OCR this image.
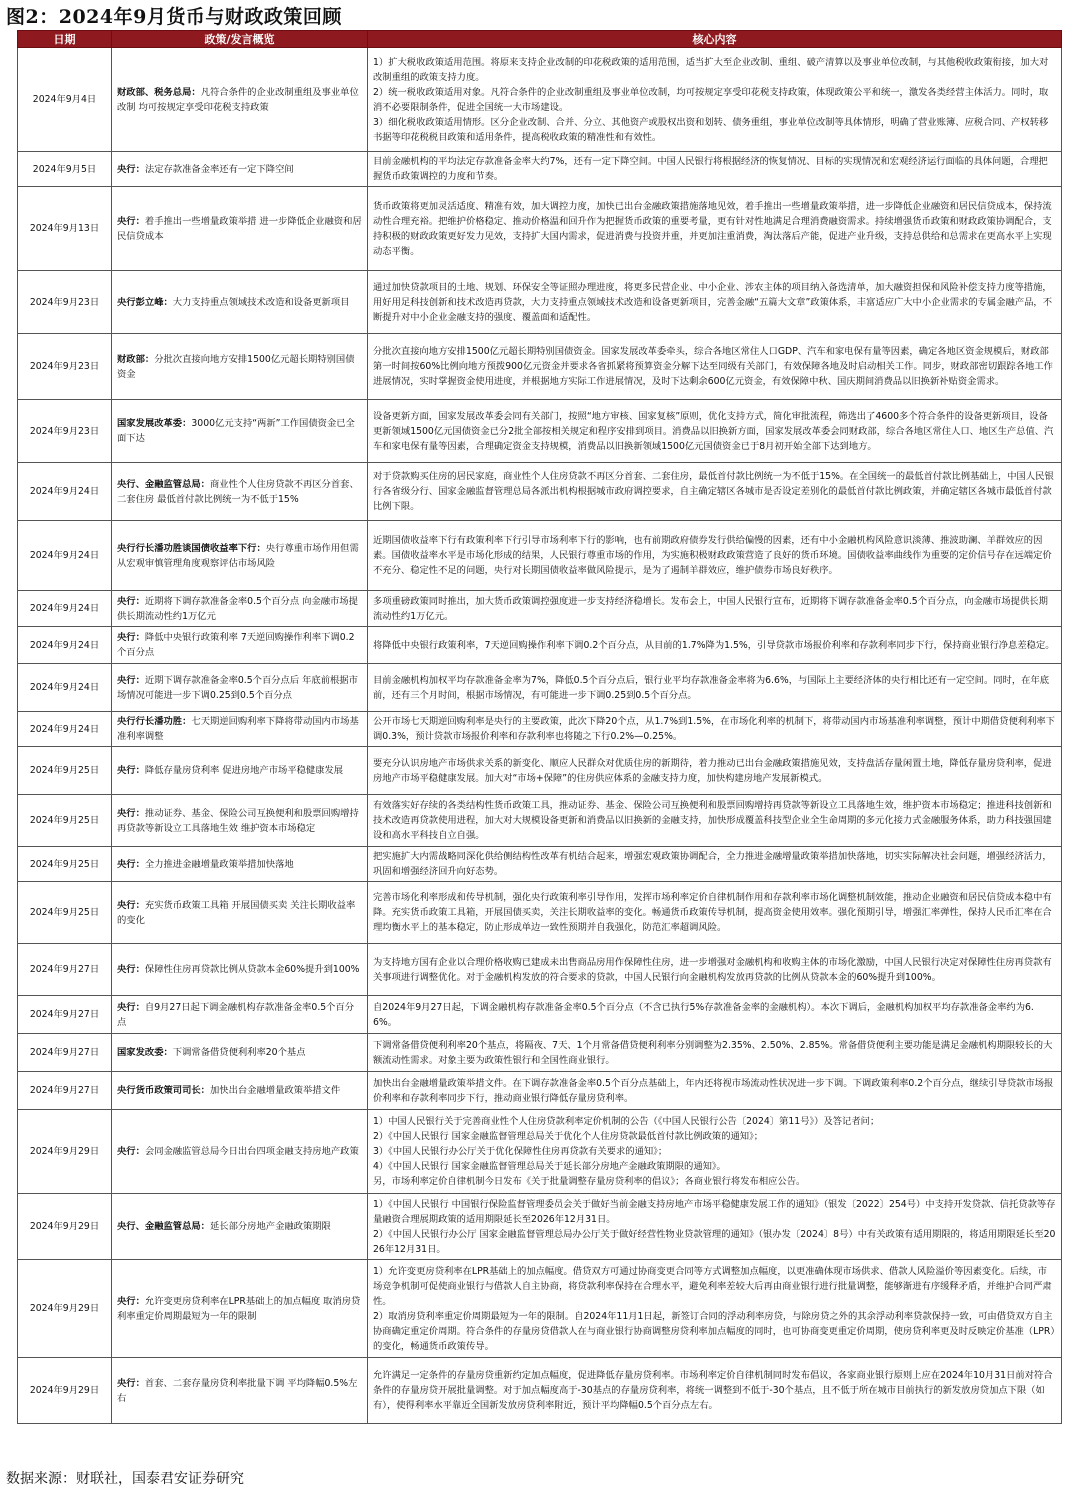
图2：2024年9月货币与财政政策回顾
日期	政策/发言概览	核心内容
2024年9月4日	财政部、税务总局：凡符合条件的企业改制重组及事业单位改制 均可按规定享受印花税支持政策	1）扩大税收政策适用范围。将原来支持企业改制的印花税政策的适用范围，适当扩大至企业改制、重组、破产清算以及事业单位改制，与其他税收政策衔接，加大对改制重组的政策支持力度。
2）统一税收政策适用对象。凡符合条件的企业改制重组及事业单位改制，均可按规定享受印花税支持政策，体现政策公平和统一，激发各类经营主体活力。同时，取消不必要限制条件，促进全国统一大市场建设。
3）细化税收政策适用情形。区分企业改制、合并、分立、其他资产或股权出资和划转、债务重组，事业单位改制等具体情形，明确了营业账簿、应税合同、产权转移书据等印花税税目政策和适用条件，提高税收政策的精准性和有效性。
2024年9月5日	央行：法定存款准备金率还有一定下降空间	目前金融机构的平均法定存款准备金率大约7%，还有一定下降空间。中国人民银行将根据经济的恢复情况、目标的实现情况和宏观经济运行面临的具体问题，合理把握货币政策调控的力度和节奏。
2024年9月13日	央行：着手推出一些增量政策举措 进一步降低企业融资和居民信贷成本	货币政策将更加灵活适度、精准有效，加大调控力度，加快已出台金融政策措施落地见效，着手推出一些增量政策举措，进一步降低企业融资和居民信贷成本，保持流动性合理充裕。把维护价格稳定、推动价格温和回升作为把握货币政策的重要考量，更有针对性地满足合理消费融资需求。持续增强货币政策和财政政策协调配合，支持积极的财政政策更好发力见效，支持扩大国内需求，促进消费与投资并重，并更加注重消费，淘汰落后产能，促进产业升级，支持总供给和总需求在更高水平上实现动态平衡。
2024年9月23日	央行彭立峰：大力支持重点领域技术改造和设备更新项目	通过加快贷款项目的土地、规划、环保安全等证照办理进度，将更多民营企业、中小企业、涉农主体的项目纳入备选清单，加大融资担保和风险补偿支持力度等措施，用好用足科技创新和技术改造再贷款，大力支持重点领域技术改造和设备更新项目，完善金融“五篇大文章”政策体系，丰富适应广大中小企业需求的专属金融产品，不断提升对中小企业金融支持的强度、覆盖面和适配性。
2024年9月23日	财政部：分批次直接向地方安排1500亿元超长期特别国债资金	分批次直接向地方安排1500亿元超长期特别国债资金。国家发展改革委牵头，综合各地区常住人口GDP、汽车和家电保有量等因素，确定各地区资金规模后，财政部第一时间按60%比例向地方预拨900亿元资金并要求各省抓紧将预算资金分解下达至同级有关部门，有效保障各地及时启动相关工作。同步，财政部密切跟踪各地工作进展情况，实时掌握资金使用进度，并根据地方实际工作进展情况，及时下达剩余600亿元资金，有效保障中秋、国庆期间消费品以旧换新补贴资金需求。
2024年9月23日	国家发展改革委：3000亿元支持“两新”工作国债资金已全面下达	设备更新方面，国家发展改革委会同有关部门，按照“地方审核、国家复核”原则，优化支持方式，简化审批流程，筛选出了4600多个符合条件的设备更新项目，设备更新领域1500亿元国债资金已分2批全部按相关规定和程序安排到项目。消费品以旧换新方面，国家发展改革委会同财政部，综合各地区常住人口、地区生产总值、汽车和家电保有量等因素，合理确定资金支持规模，消费品以旧换新领域1500亿元国债资金已于8月初开始全部下达到地方。
2024年9月24日	央行、金融监管总局：商业性个人住房贷款不再区分首套、二套住房 最低首付款比例统一为不低于15%	对于贷款购买住房的居民家庭，商业性个人住房贷款不再区分首套、二套住房，最低首付款比例统一为不低于15%。在全国统一的最低首付款比例基础上，中国人民银行各省级分行、国家金融监督管理总局各派出机构根据城市政府调控要求，自主确定辖区各城市是否设定差别化的最低首付款比例政策，并确定辖区各城市最低首付款比例下限。
2024年9月24日	央行行长潘功胜谈国债收益率下行：央行尊重市场作用但需从宏观审慎管理角度观察评估市场风险	近期国债收益率下行有政策利率下行引导市场利率下行的影响，也有前期政府债券发行供给偏慢的因素，还有中小金融机构风险意识淡薄、推波助澜、羊群效应的因素。国债收益率水平是市场化形成的结果，人民银行尊重市场的作用，为实施积极财政政策营造了良好的货币环境。国债收益率曲线作为重要的定价信号存在远端定价不充分、稳定性不足的问题，央行对长期国债收益率做风险提示，是为了遏制羊群效应，维护债券市场良好秩序。
2024年9月24日	央行：近期将下调存款准备金率0.5个百分点 向金融市场提供长期流动性约1万亿元	多项重磅政策同时推出，加大货币政策调控强度进一步支持经济稳增长。发布会上，中国人民银行宣布，近期将下调存款准备金率0.5个百分点，向金融市场提供长期流动性约1万亿元。
2024年9月24日	央行：降低中央银行政策利率 7天逆回购操作利率下调0.2个百分点	将降低中央银行政策利率，7天逆回购操作利率下调0.2个百分点，从目前的1.7%降为1.5%，引导贷款市场报价利率和存款利率同步下行，保持商业银行净息差稳定。
2024年9月24日	央行：近期下调存款准备金率0.5个百分点后 年底前根据市场情况可能进一步下调0.25到0.5个百分点	目前金融机构加权平均存款准备金率为7%，降低0.5个百分点后，银行业平均存款准备金率将为6.6%，与国际上主要经济体的央行相比还有一定空间。同时，在年底前，还有三个月时间，根据市场情况，有可能进一步下调0.25到0.5个百分点。
2024年9月24日	央行行长潘功胜：七天期逆回购利率下降将带动国内市场基准利率调整	公开市场七天期逆回购利率是央行的主要政策，此次下降20个点，从1.7%到1.5%，在市场化利率的机制下，将带动国内市场基准利率调整，预计中期借贷便利利率下调0.3%，预计贷款市场报价利率和存款利率也将随之下行0.2%—0.25%。
2024年9月25日	央行：降低存量房贷利率 促进房地产市场平稳健康发展	要充分认识房地产市场供求关系的新变化、顺应人民群众对优质住房的新期待，着力推动已出台金融政策措施见效，支持盘活存量闲置土地，降低存量房贷利率，促进房地产市场平稳健康发展。加大对“市场+保障”的住房供应体系的金融支持力度，加快构建房地产发展新模式。
2024年9月25日	央行：推动证券、基金、保险公司互换便利和股票回购增持再贷款等新设立工具落地生效 维护资本市场稳定	有效落实好存续的各类结构性货币政策工具，推动证券、基金、保险公司互换便利和股票回购增持再贷款等新设立工具落地生效，维护资本市场稳定；推进科技创新和技术改造再贷款使用进程，加大对大规模设备更新和消费品以旧换新的金融支持，加快形成覆盖科技型企业全生命周期的多元化接力式金融服务体系，助力科技强国建设和高水平科技自立自强。
2024年9月25日	央行：全力推进金融增量政策举措加快落地	把实施扩大内需战略同深化供给侧结构性改革有机结合起来，增强宏观政策协调配合，全力推进金融增量政策举措加快落地，切实实际解决社会问题，增强经济活力，巩固和增强经济回升向好态势。
2024年9月25日	央行：充实货币政策工具箱 开展国债买卖 关注长期收益率的变化	完善市场化利率形成和传导机制，强化央行政策利率引导作用，发挥市场利率定价自律机制作用和存款利率市场化调整机制效能，推动企业融资和居民信贷成本稳中有降。充实货币政策工具箱，开展国债买卖，关注长期收益率的变化。畅通货币政策传导机制，提高资金使用效率。强化预期引导，增强汇率弹性，保持人民币汇率在合理均衡水平上的基本稳定，防止形成单边一致性预期并自我强化，防范汇率超调风险。
2024年9月27日	央行：保障性住房再贷款比例从贷款本金60%提升到100%	为支持地方国有企业以合理价格收购已建成未出售商品房用作保障性住房，进一步增强对金融机构和收购主体的市场化激励，中国人民银行决定对保障性住房再贷款有关事项进行调整优化。对于金融机构发放的符合要求的贷款，中国人民银行向金融机构发放再贷款的比例从贷款本金的60%提升到100%。
2024年9月27日	央行：自9月27日起下调金融机构存款准备金率0.5个百分点	自2024年9月27日起，下调金融机构存款准备金率0.5个百分点（不含已执行5%存款准备金率的金融机构）。本次下调后，金融机构加权平均存款准备金率约为6.6%。
2024年9月27日	国家发改委：下调常备借贷便利利率20个基点	下调常备借贷便利利率20个基点，将隔夜、7天、1个月常备借贷便利利率分别调整为2.35%、2.50%、2.85%。常备借贷便利主要功能是满足金融机构期限较长的大额流动性需求。对象主要为政策性银行和全国性商业银行。
2024年9月27日	央行货币政策司司长：加快出台金融增量政策举措文件	加快出台金融增量政策举措文件。在下调存款准备金率0.5个百分点基础上，年内还将视市场流动性状况进一步下调。下调政策利率0.2个百分点，继续引导贷款市场报价利率和存款利率同步下行，推动商业银行降低存量房贷利率。
2024年9月29日	央行：会同金融监管总局今日出台四项金融支持房地产政策	1）中国人民银行关于完善商业性个人住房贷款利率定价机制的公告（《中国人民银行公告〔2024〕第11号》）及答记者问；
2）《中国人民银行 国家金融监督管理总局关于优化个人住房贷款最低首付款比例政策的通知》；
3）《中国人民银行办公厅关于优化保障性住房再贷款有关要求的通知》；
4）《中国人民银行 国家金融监督管理总局关于延长部分房地产金融政策期限的通知》。
另，市场利率定价自律机制今日发布《关于批量调整存量房贷利率的倡议》；各商业银行将发布相应公告。
2024年9月29日	央行、金融监管总局：延长部分房地产金融政策期限	1）《中国人民银行 中国银行保险监督管理委员会关于做好当前金融支持房地产市场平稳健康发展工作的通知》（银发〔2022〕254号）中支持开发贷款、信托贷款等存量融资合理展期政策的适用期限延长至2026年12月31日。
2）《中国人民银行办公厅 国家金融监督管理总局办公厅关于做好经营性物业贷款管理的通知》（银办发〔2024〕8号）中有关政策有适用期限的，将适用期限延长至2026年12月31日。
2024年9月29日	央行：允许变更房贷利率在LPR基础上的加点幅度 取消房贷利率重定价周期最短为一年的限制	1）允许变更房贷利率在LPR基础上的加点幅度。借贷双方可通过协商变更合同等方式调整加点幅度，以更准确体现市场供求、借款人风险溢价等因素变化。后续，市场竞争机制可促使商业银行与借款人自主协商，将贷款利率保持在合理水平，避免利率差较大后再由商业银行进行批量调整，能够渐进有序缓释矛盾，并维护合同严肃性。
2）取消房贷利率重定价周期最短为一年的限制。自2024年11月1日起，新签订合同的浮动利率房贷，与除房贷之外的其余浮动利率贷款保持一致，可由借贷双方自主协商确定重定价周期。符合条件的存量房贷借款人在与商业银行协商调整房贷利率加点幅度的同时，也可协商变更重定价周期，使房贷利率更及时反映定价基准（LPR）的变化，畅通货币政策传导。
2024年9月29日	央行：首套、二套存量房贷利率批量下调 平均降幅0.5%左右	允许满足一定条件的存量房贷重新约定加点幅度，促进降低存量房贷利率。市场利率定价自律机制同时发布倡议，各家商业银行原则上应在2024年10月31日前对符合条件的存量房贷开展批量调整。对于加点幅度高于-30基点的存量房贷利率，将统一调整到不低于-30个基点，且不低于所在城市目前执行的新发放房贷加点下限（如有），使得利率水平靠近全国新发放房贷利率附近，预计平均降幅0.5个百分点左右。
数据来源：财联社，国泰君安证券研究
